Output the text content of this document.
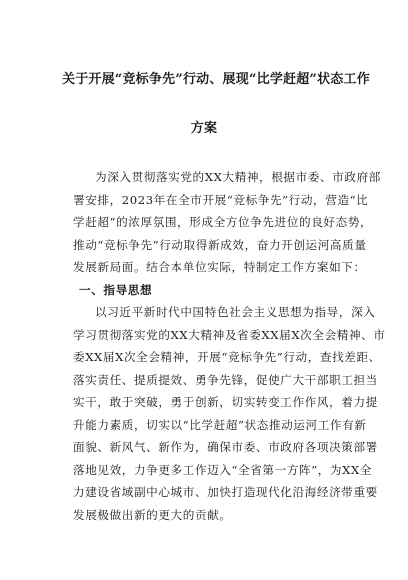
关于开展“竞标争先”行动、展现“比学赶超”状态工作
方案
为深入贯彻落实党的XX大精神，根据市委、市政府部
署安排，2023年在全市开展“竞标争先”行动，营造“比
学赶超”的浓厚氛围，形成全方位争先进位的良好态势，
推动“竞标争先”行动取得新成效，奋力开创运河高质量
发展新局面。结合本单位实际，特制定工作方案如下：
一、指导思想
以习近平新时代中国特色社会主义思想为指导，深入
学习贯彻落实党的XX大精神及省委XX届X次全会精神、市
委XX届X次全会精神，开展“竞标争先”行动，查找差距、
落实责任、提质提效、勇争先锋，促使广大干部职工担当
实干，敢于突破，勇于创新，切实转变工作作风，着力提
升能力素质，切实以“比学赶超”状态推动运河工作有新
面貌、新风气、新作为，确保市委、市政府各项决策部署
落地见效，力争更多工作迈入“全省第一方阵”，为XX全
力建设省域副中心城市、加快打造现代化沿海经济带重要
发展极做出新的更大的贡献。
